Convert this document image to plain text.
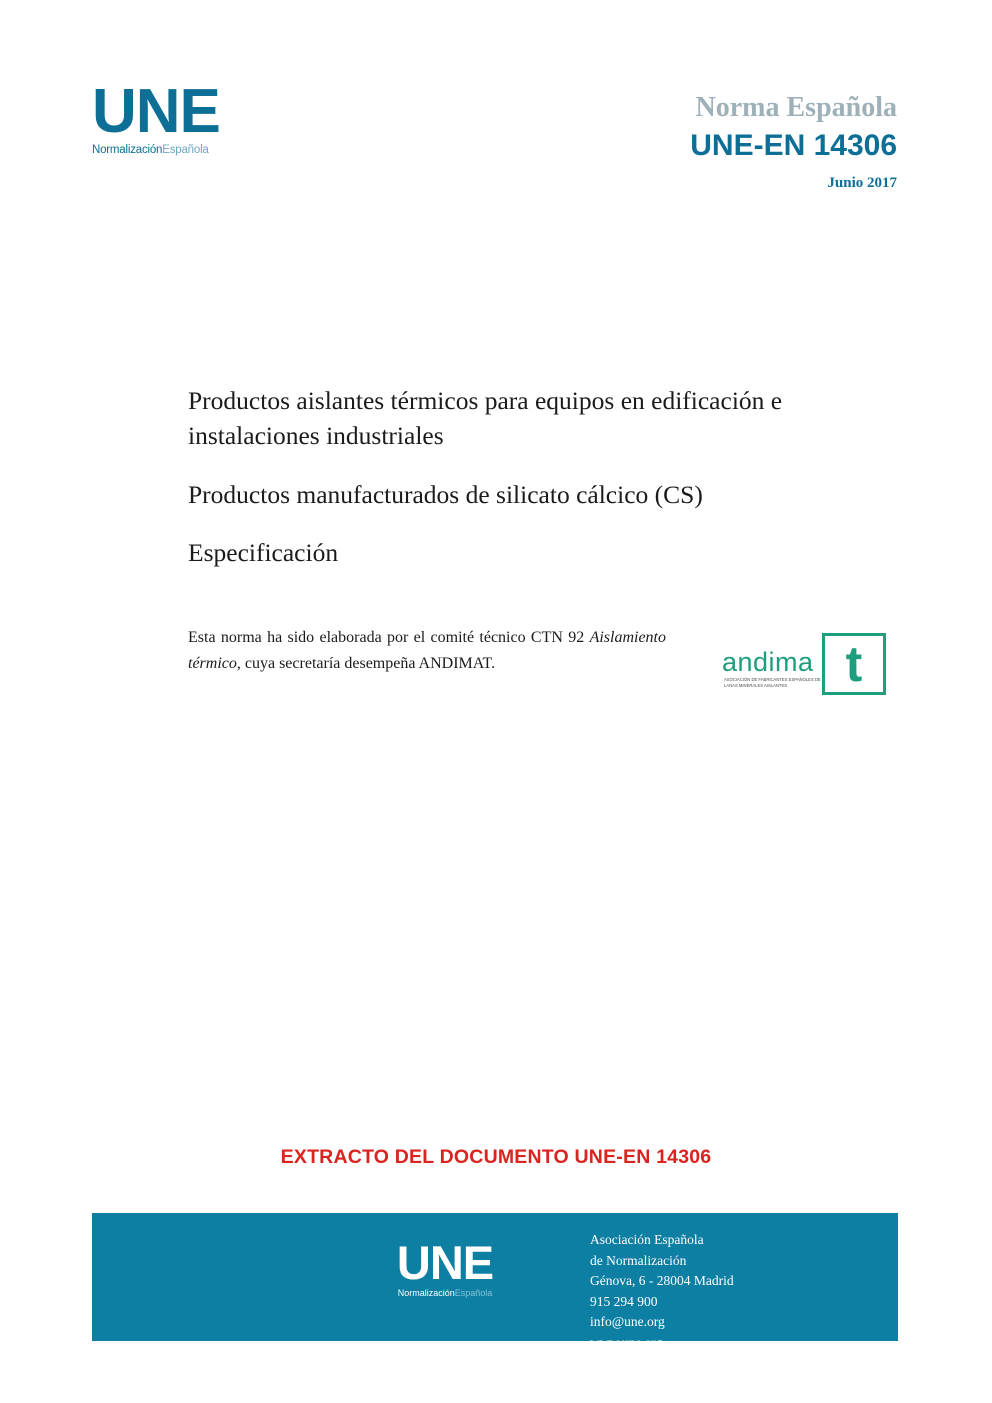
UNE
NormalizaciónEspañola
Norma Española
UNE-EN 14306
Junio 2017
Productos aislantes térmicos para equipos en edificación e instalaciones industriales
Productos manufacturados de silicato cálcico (CS)
Especificación
Esta norma ha sido elaborada por el comité técnico CTN 92 Aislamiento térmico, cuya secretaría desempeña ANDIMAT.	andima
ASOCIACIÓN DE FABRICANTES ESPAÑOLES DE LANAS MINERALES AISLANTES	t
EXTRACTO DEL DOCUMENTO UNE-EN 14306
UNE
NormalizaciónEspañola
Asociación Española
de Normalización
Génova, 6 - 28004 Madrid
915 294 900
info@une.org
www.une.org
